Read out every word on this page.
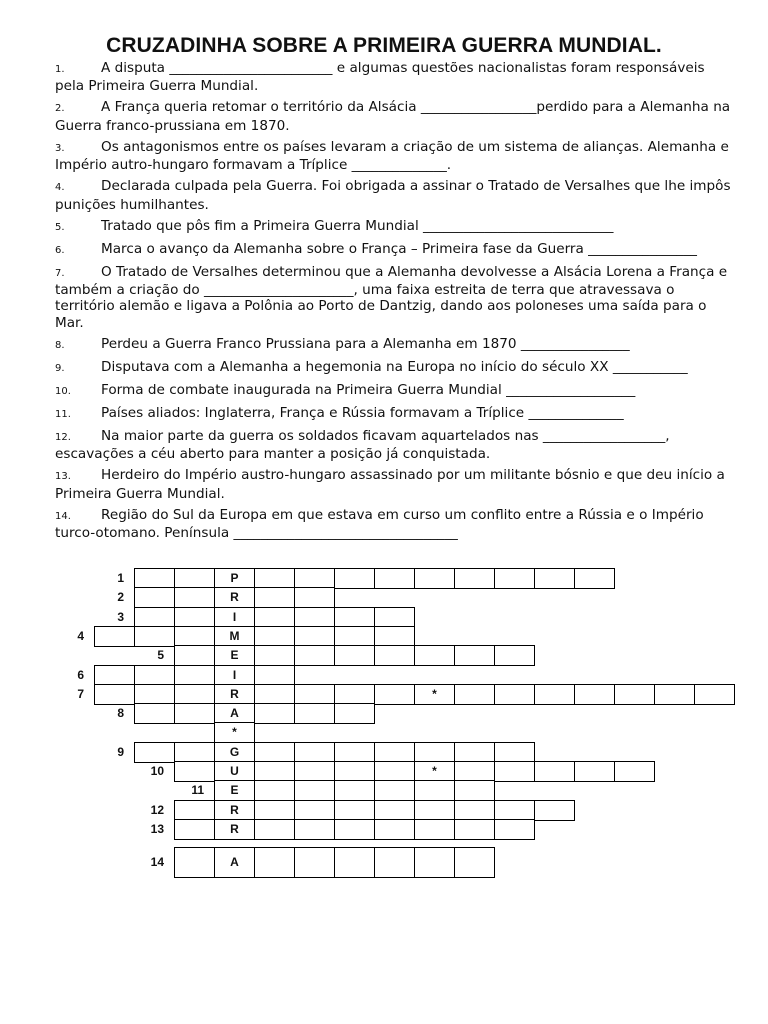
CRUZADINHA SOBRE A PRIMEIRA GUERRA MUNDIAL.

1.	A disputa ________________________ e algumas questões nacionalistas foram responsáveis pela Primeira Guerra Mundial.

2.	A França queria retomar o território da Alsácia _________________perdido para a Alemanha na Guerra franco-prussiana em 1870.

3.	Os antagonismos entre os países levaram a criação de um sistema de alianças. Alemanha e Império autro-hungaro formavam a Tríplice ______________.

4.	Declarada culpada pela Guerra. Foi obrigada a assinar o Tratado de Versalhes que lhe impôs punições humilhantes.

5.	Tratado que pôs fim a Primeira Guerra Mundial ____________________________

6.	Marca o avanço da Alemanha sobre o França – Primeira fase da Guerra ________________

7.	O Tratado de Versalhes determinou que a Alemanha devolvesse a Alsácia Lorena a França e também a criação do ______________________, uma faixa estreita de terra que atravessava o território alemão e ligava a Polônia ao Porto de Dantzig, dando aos poloneses uma saída para o Mar.

8.	Perdeu a Guerra Franco Prussiana para a Alemanha em 1870 ________________

9.	Disputava com a Alemanha a hegemonia na Europa no início do século XX ___________

10. Forma de combate inaugurada na Primeira Guerra Mundial ___________________

11. Países aliados: Inglaterra, França e Rússia formavam a Tríplice ______________

12. Na maior parte da guerra os soldados ficavam aquartelados nas __________________, escavações a céu aberto para manter a posição já conquistada.

13. Herdeiro do Império austro-hungaro assassinado por um militante bósnio e que deu início a Primeira Guerra Mundial.

14. Região do Sul da Europa em que estava em curso um conflito entre a Rússia e o Império turco-otomano. Península _________________________________

1	P
2	R
3	I
4	M
5	E
6	I
7	R	*
8	A
*
9	G
10	U	*
11	E
12	R
13	R
14	A
